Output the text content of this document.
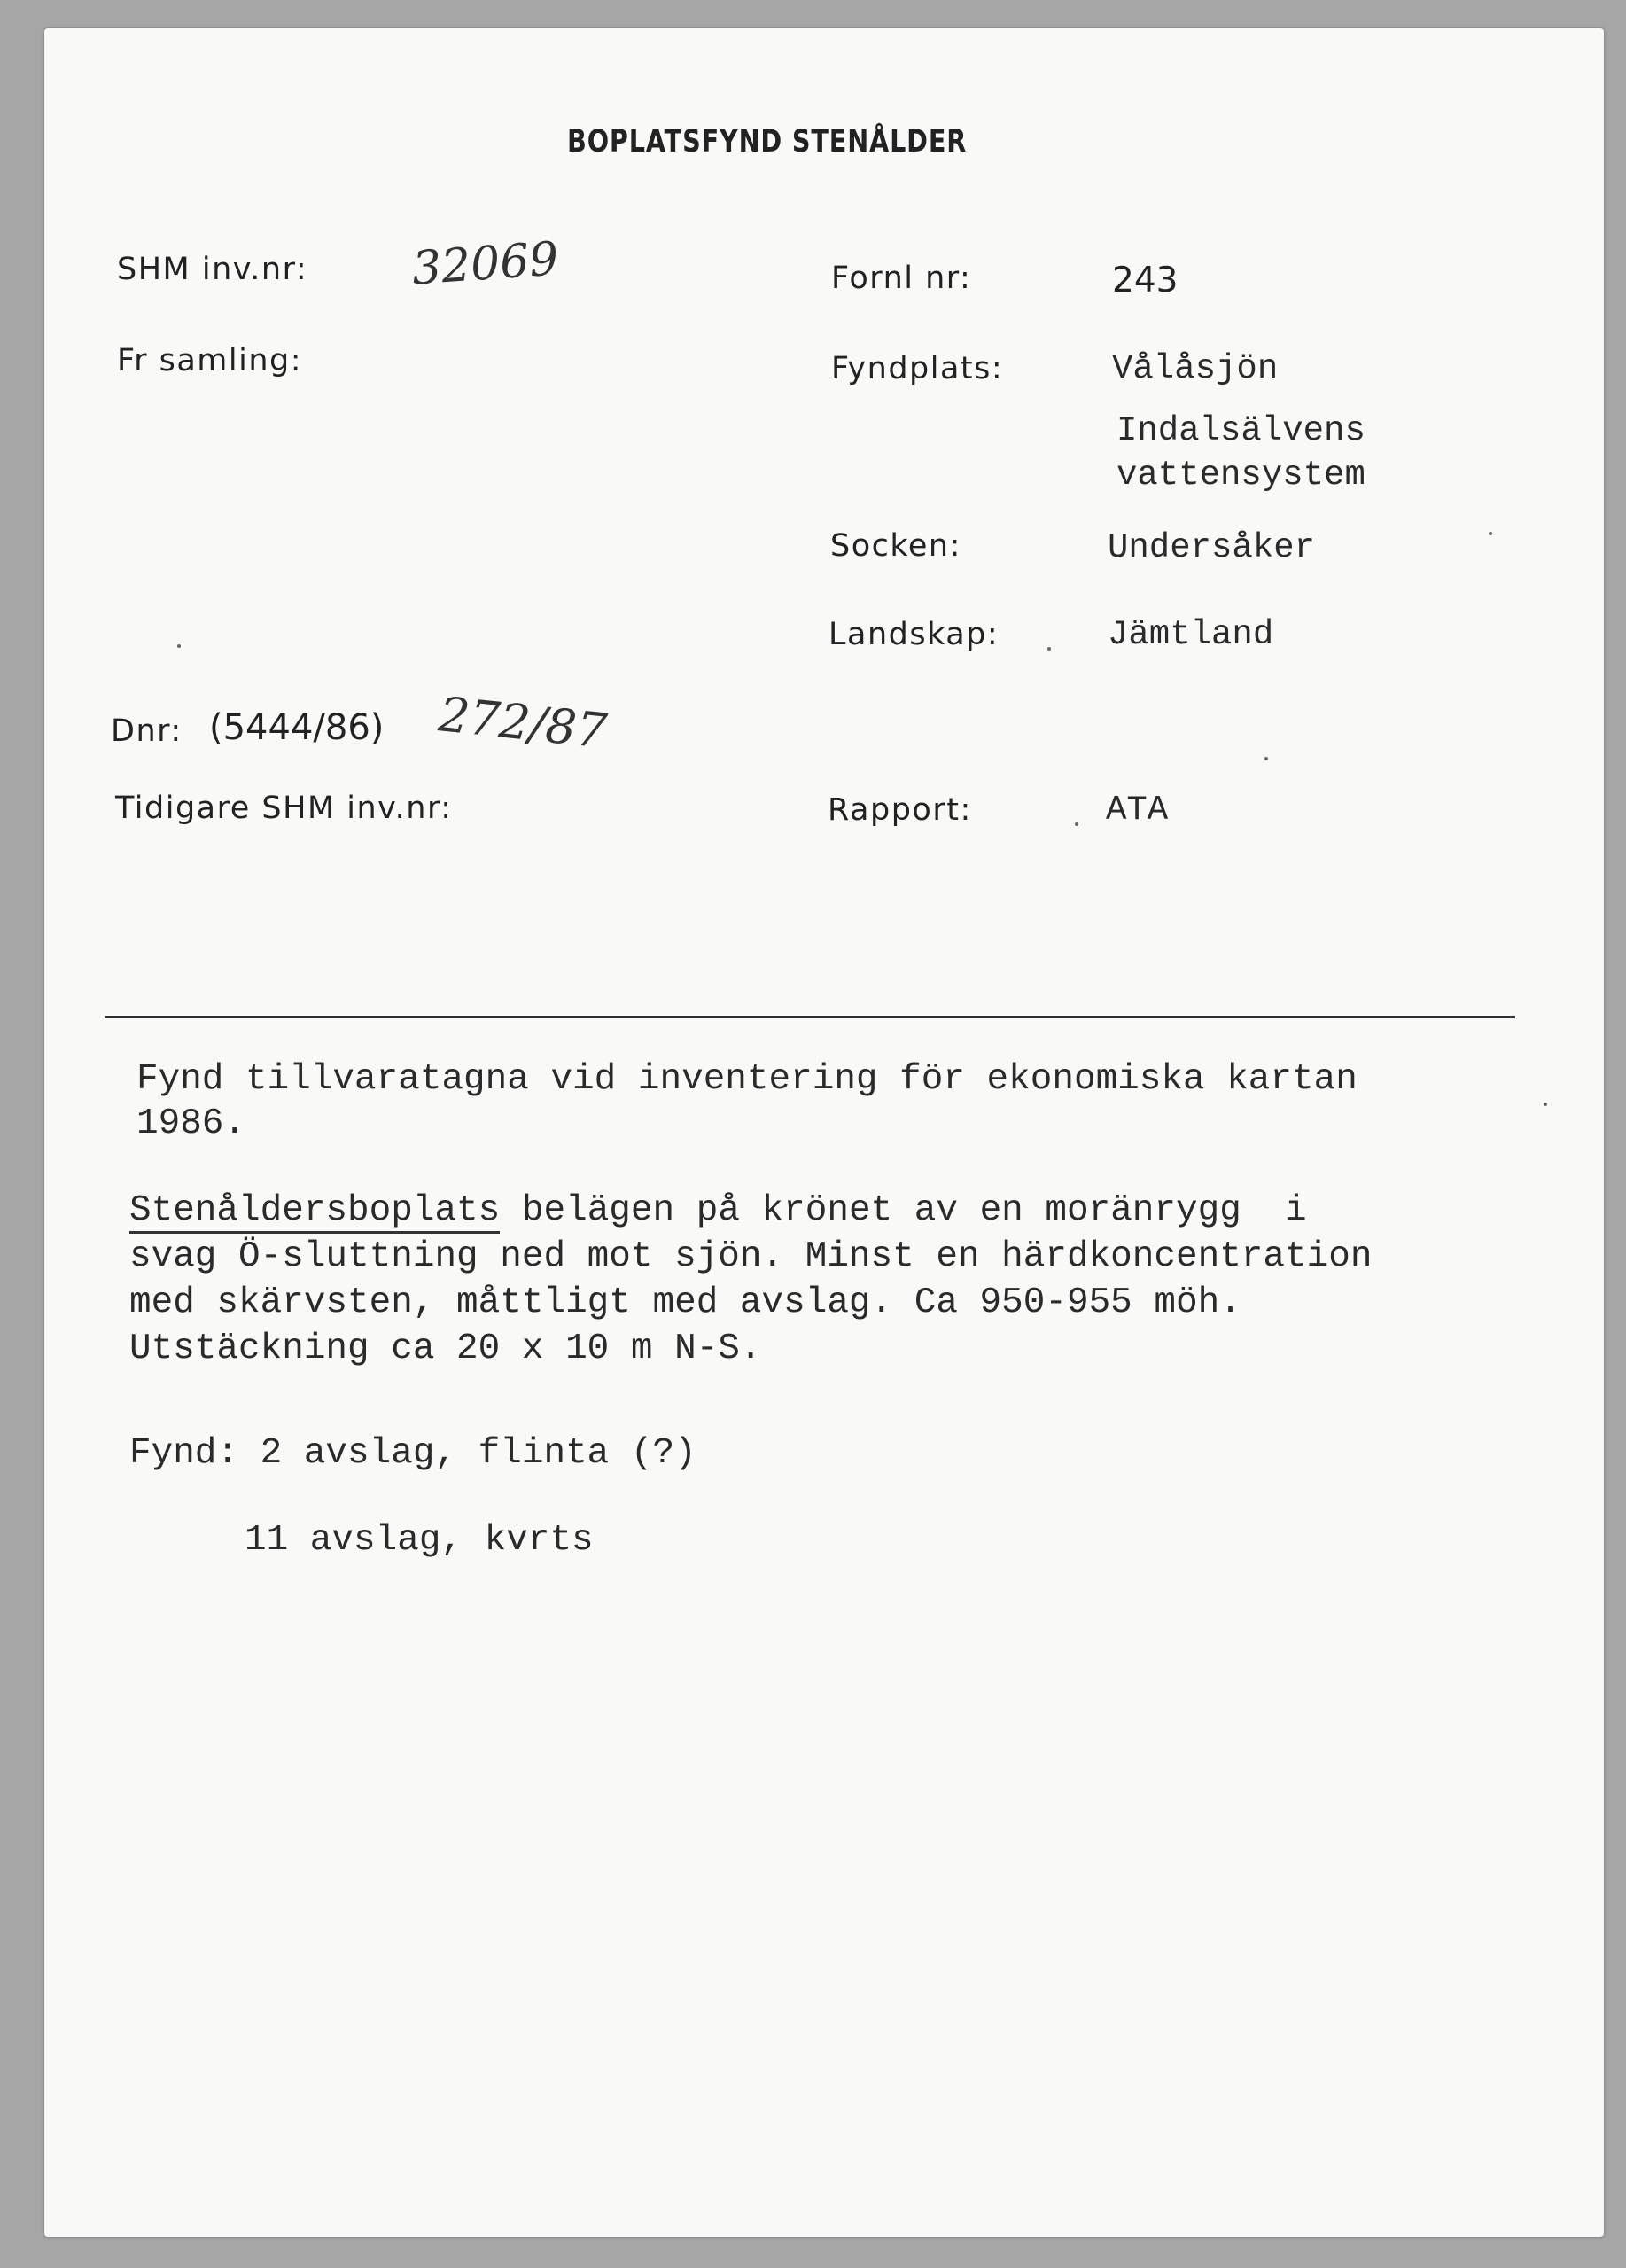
BOPLATSFYND STENÅLDER
SHM inv.nr: 32069
Fr samling:
Dnr: (5444/86) 272/87
Tidigare SHM inv.nr:
Fornl nr:	243
Fyndplats:	Vålåsjön
Indalsälvens
vattensystem
Socken:	Undersåker
Landskap:	Jämtland
Rapport:	ATA
Fynd tillvaratagna vid inventering för ekonomiska kartan
1986.
Stenåldersboplats belägen på krönet av en moränrygg  i
svag Ö-sluttning ned mot sjön. Minst en härdkoncentration
med skärvsten, måttligt med avslag. Ca 950-955 möh.
Utstäckning ca 20 x 10 m N-S.
Fynd: 2 avslag, flinta (?)
11 avslag, kvrts
